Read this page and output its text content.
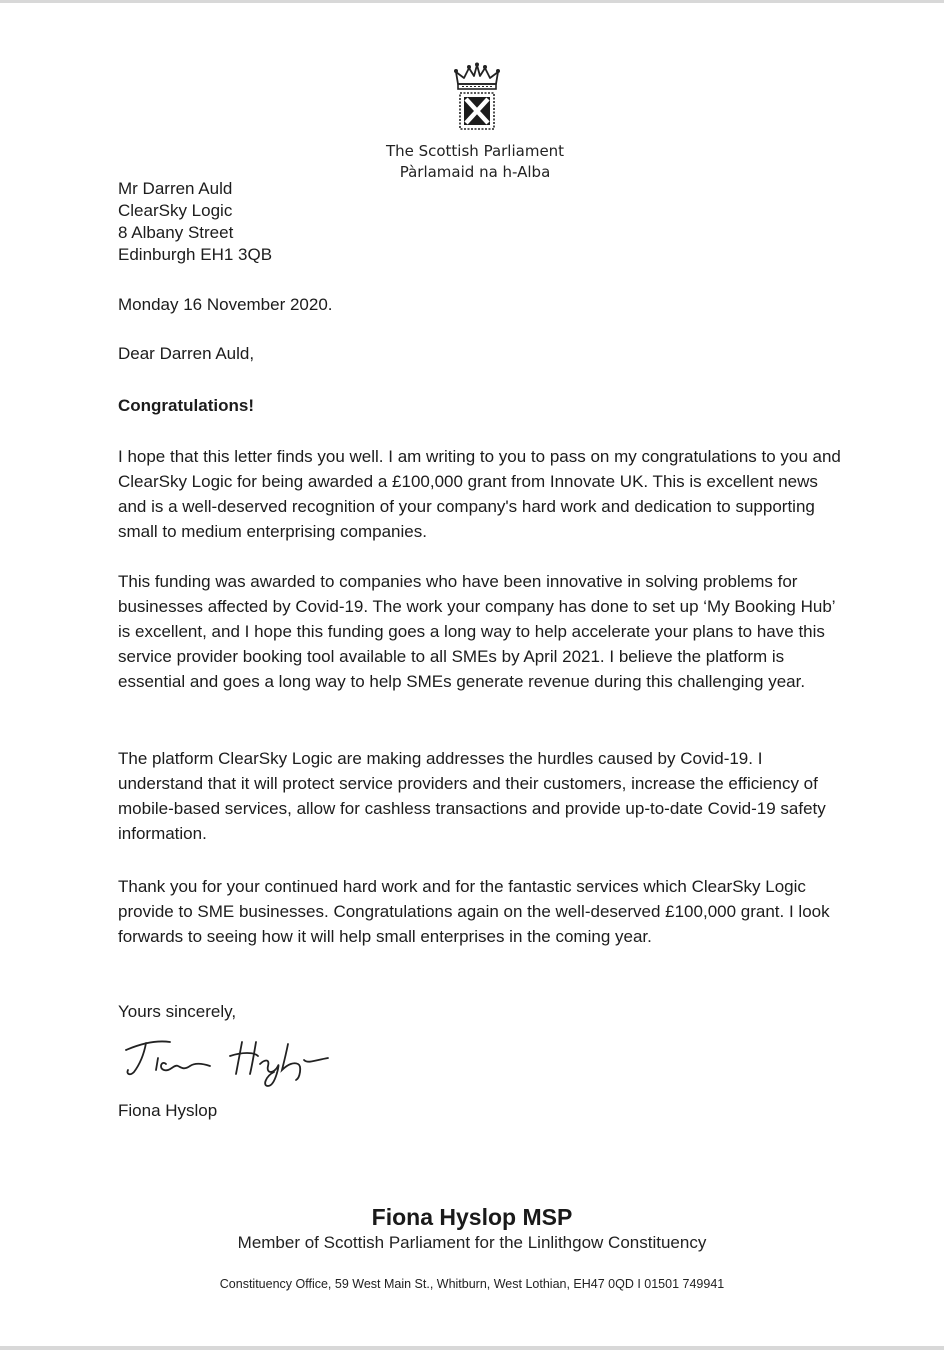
The Scottish Parliament
Pàrlamaid na h-Alba
Mr Darren Auld
ClearSky Logic
8 Albany Street
Edinburgh EH1 3QB
Monday 16 November 2020.
Dear Darren Auld,
Congratulations!

I hope that this letter finds you well. I am writing to you to pass on my congratulations to you and ClearSky Logic for being awarded a £100,000 grant from Innovate UK. This is excellent news and is a well-deserved recognition of your company's hard work and dedication to supporting small to medium enterprising companies.

This funding was awarded to companies who have been innovative in solving problems for businesses affected by Covid-19. The work your company has done to set up ‘My Booking Hub’ is excellent, and I hope this funding goes a long way to help accelerate your plans to have this service provider booking tool available to all SMEs by April 2021. I believe the platform is essential and goes a long way to help SMEs generate revenue during this challenging year.

The platform ClearSky Logic are making addresses the hurdles caused by Covid-19. I understand that it will protect service providers and their customers, increase the efficiency of mobile-based services, allow for cashless transactions and provide up-to-date Covid-19 safety information.

Thank you for your continued hard work and for the fantastic services which ClearSky Logic provide to SME businesses. Congratulations again on the well-deserved £100,000 grant. I look forwards to seeing how it will help small enterprises in the coming year.

Yours sincerely,
Fiona Hyslop
Fiona Hyslop MSP
Member of Scottish Parliament for the Linlithgow Constituency
Constituency Office, 59 West Main St., Whitburn, West Lothian, EH47 0QD I 01501 749941
